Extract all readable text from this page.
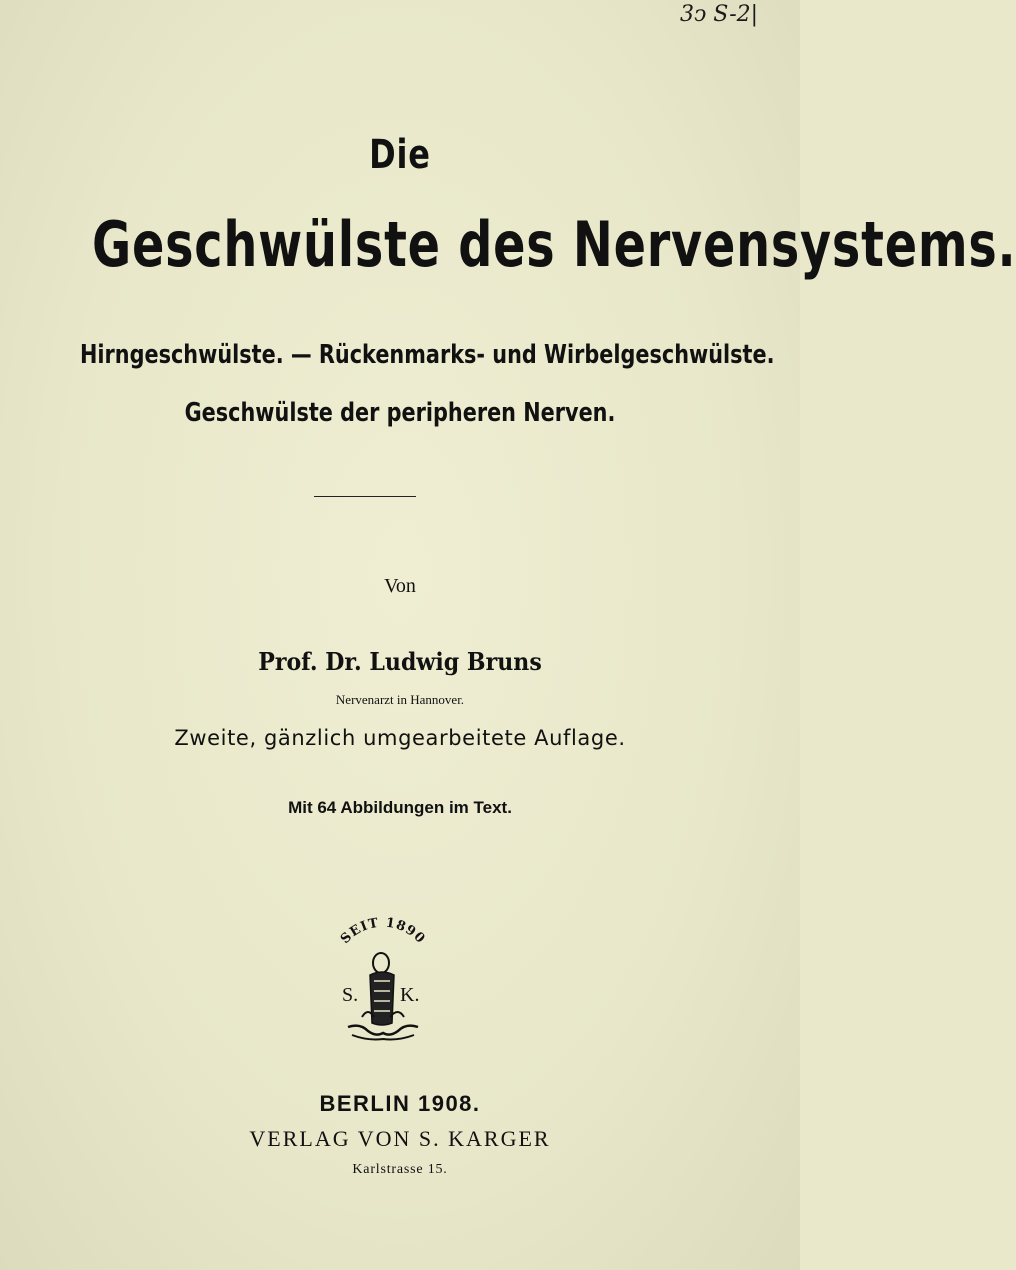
3ↄ S-2|
Die
Geschwülste des Nervensystems.
Hirngeschwülste. — Rückenmarks- und Wirbelgeschwülste.
Geschwülste der peripheren Nerven.
Von
Prof. Dr. Ludwig Bruns
Nervenarzt in Hannover.
Zweite, gänzlich umgearbeitete Auflage.
Mit 64 Abbildungen im Text.
SEIT 1890
S. K.
BERLIN 1908.
VERLAG VON S. KARGER
Karlstrasse 15.
